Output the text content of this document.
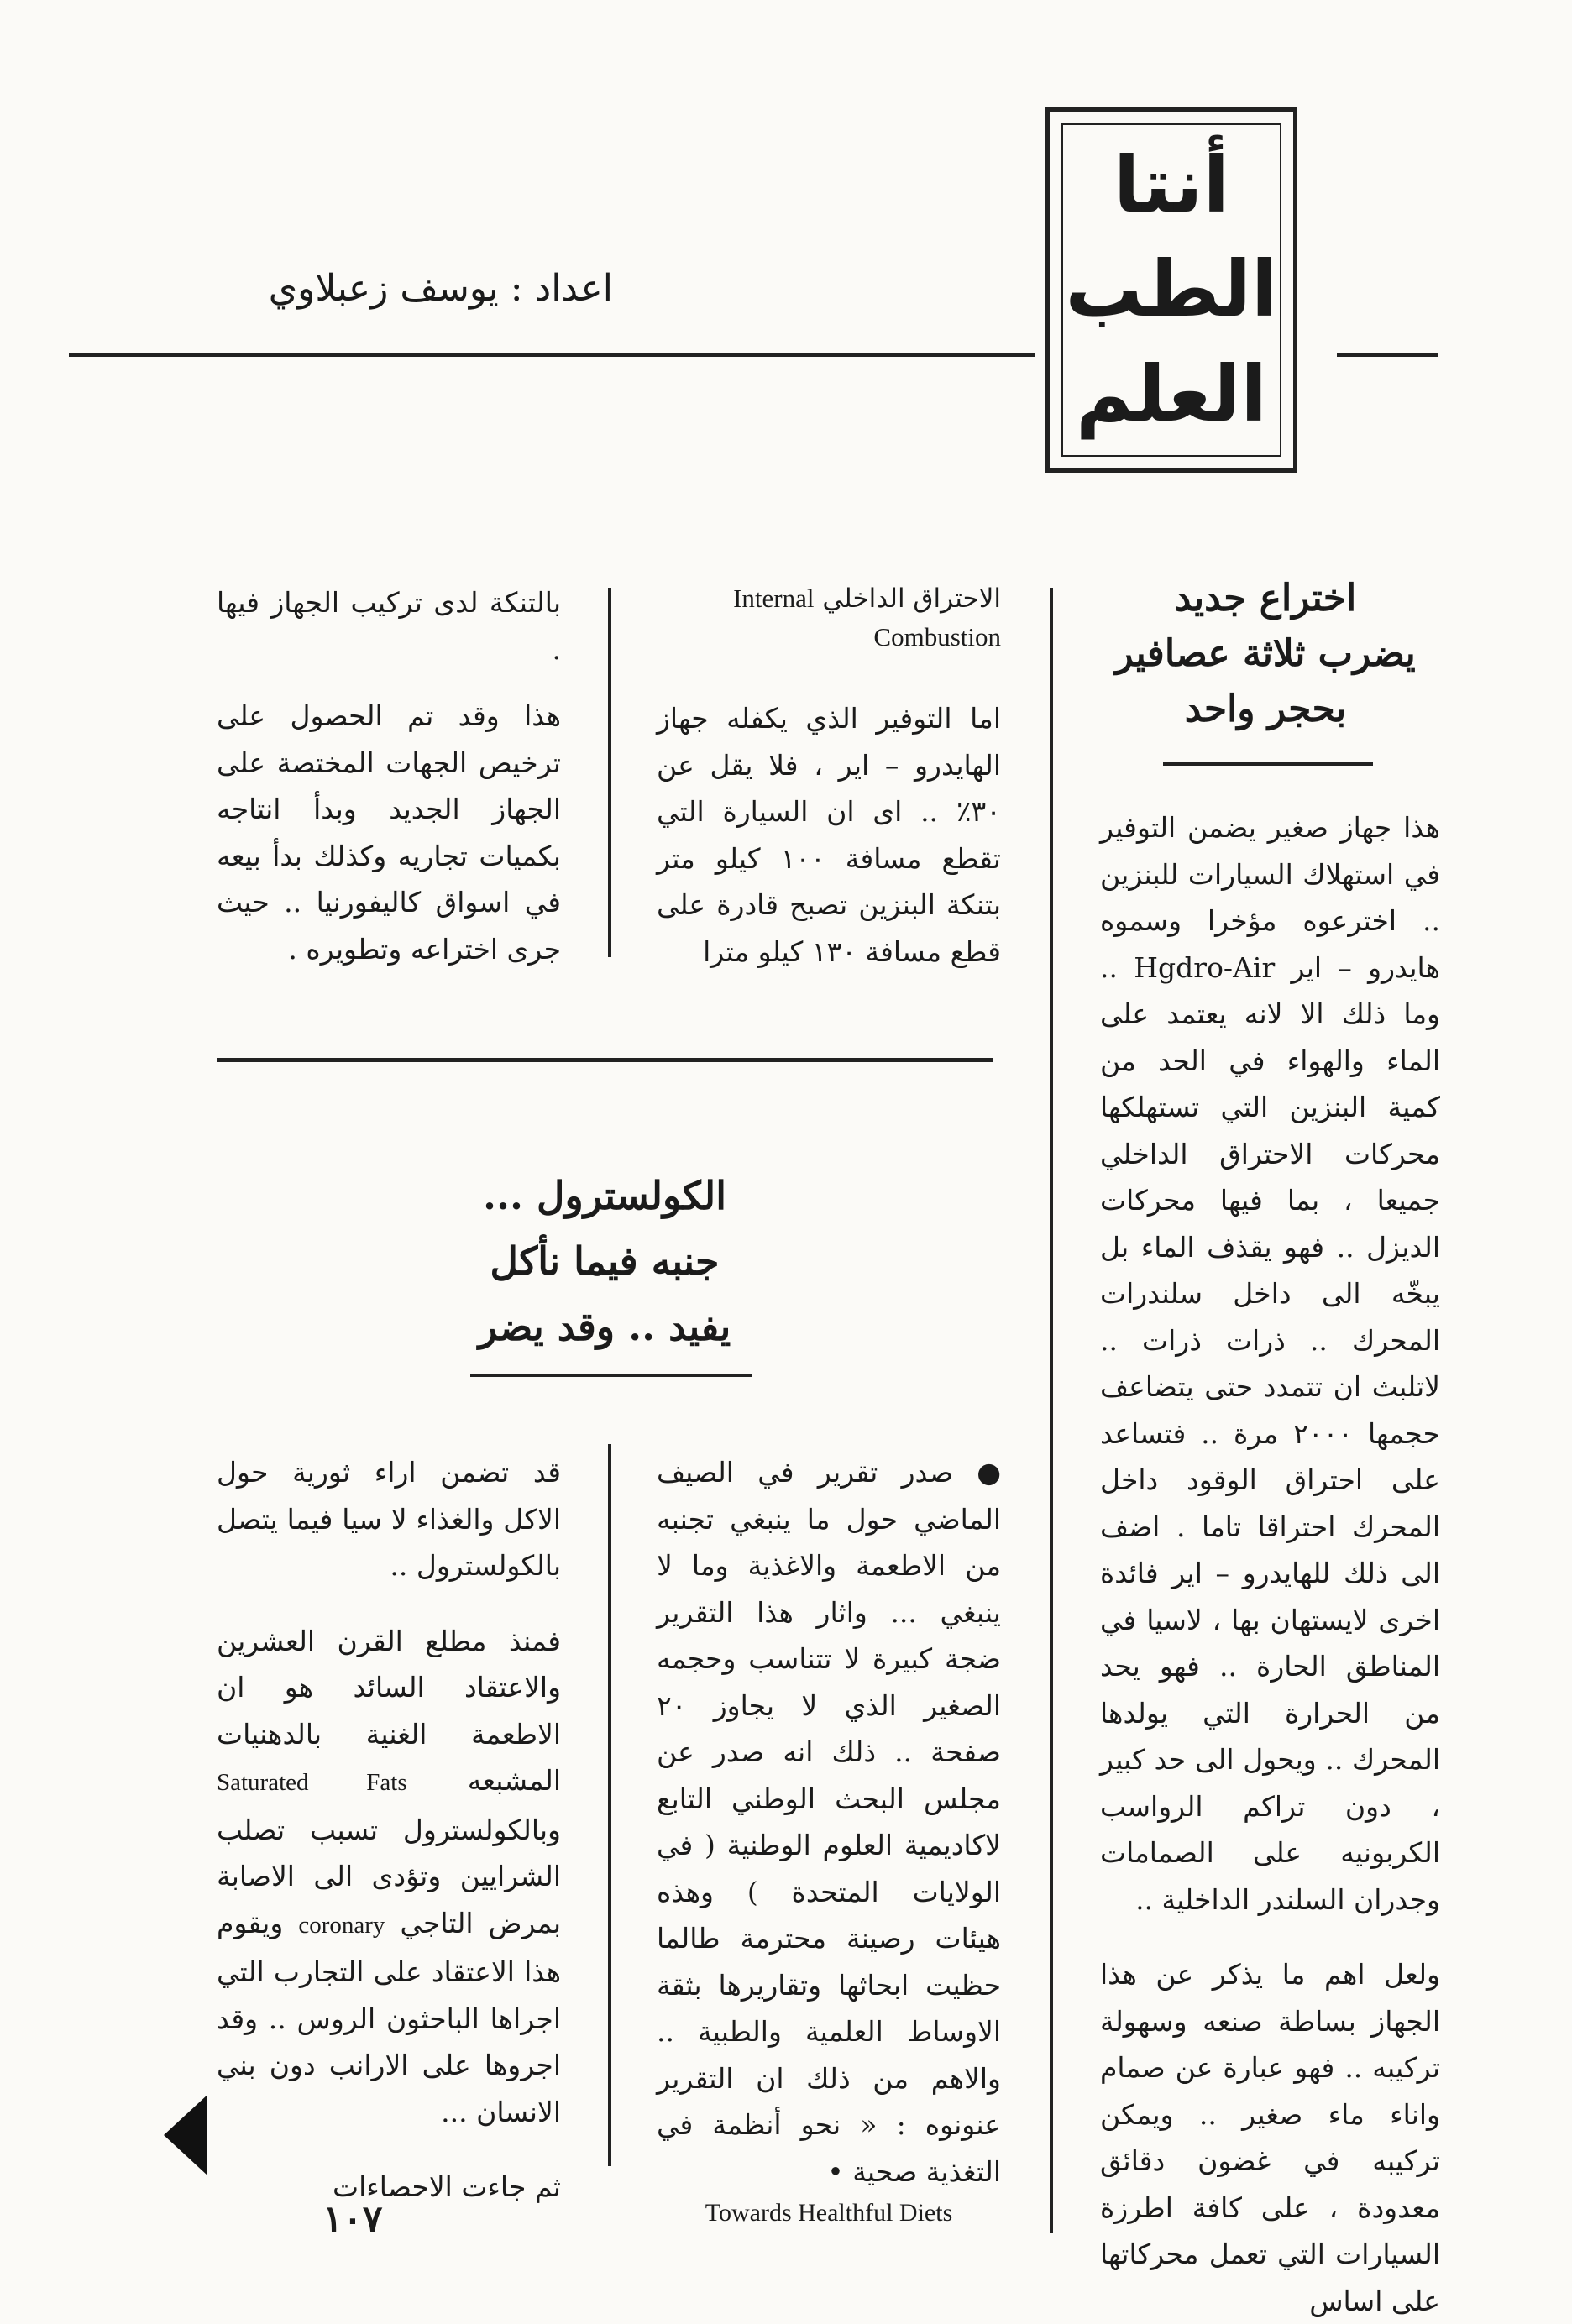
أنتا
الطب
العلم
اعداد : يوسف زعبلاوي
اختراع جديد
يضرب ثلاثة عصافير
بحجر واحد

هذا جهاز صغير يضمن التوفير في استهلاك السيارات للبنزين .. اخترعوه مؤخرا وسموه هايدرو – اير Hgdro-Air .. وما ذلك الا لانه يعتمد على الماء والهواء في الحد من كمية البنزين التي تستهلكها محركات الاحتراق الداخلي جميعا ، بما فيها محركات الديزل .. فهو يقذف الماء بل يبخّه الى داخل سلندرات المحرك .. ذرات ذرات .. لاتلبث ان تتمدد حتى يتضاعف حجمها ٢٠٠٠ مرة .. فتساعد على احتراق الوقود داخل المحرك احتراقا تاما . اضف الى ذلك للهايدرو – اير فائدة اخرى لايستهان بها ، لاسيا في المناطق الحارة .. فهو يحد من الحرارة التي يولدها المحرك .. ويحول الى حد كبير ، دون تراكم الرواسب الكربونيه على الصمامات وجدران السلندر الداخلية ..

ولعل اهم ما يذكر عن هذا الجهاز بساطة صنعه وسهولة تركيبه .. فهو عبارة عن صمام واناء ماء صغير .. ويمكن تركيبه في غضون دقائق معدودة ، على كافة اطرزة السيارات التي تعمل محركاتها على اساس

الاحتراق الداخلي Internal Combustion

اما التوفير الذي يكفله جهاز الهايدرو – اير ، فلا يقل عن ٣٠٪ .. اى ان السيارة التي تقطع مسافة ١٠٠ كيلو متر بتنكة البنزين تصبح قادرة على قطع مسافة ١٣٠ كيلو مترا

بالتنكة لدى تركيب الجهاز فيها .

هذا وقد تم الحصول على ترخيص الجهات المختصة على الجهاز الجديد وبدأ انتاجه بكميات تجاريه وكذلك بدأ بيعه في اسواق كاليفورنيا .. حيث جرى اختراعه وتطويره .

الكولسترول ...
جنبه فيما نأكل
يفيد .. وقد يضر

● صدر تقرير في الصيف الماضي حول ما ينبغي تجنبه من الاطعمة والاغذية وما لا ينبغي ... واثار هذا التقرير ضجة كبيرة لا تتناسب وحجمه الصغير الذي لا يجاوز ٢٠ صفحة .. ذلك انه صدر عن مجلس البحث الوطني التابع لاكاديمية العلوم الوطنية ( في الولايات المتحدة ) وهذه هيئات رصينة محترمة طالما حظيت ابحاثها وتقاريرها بثقة الاوساط العلمية والطبية .. والاهم من ذلك ان التقرير عنونوه : « نحو أنظمة في التغذية صحية •

Towards Healthful Diets

قد تضمن اراء ثورية حول الاكل والغذاء لا سيا فيما يتصل بالكولسترول ..

فمنذ مطلع القرن العشرين والاعتقاد السائد هو ان الاطعمة الغنية بالدهنيات المشبعه Saturated Fats وبالكولسترول تسبب تصلب الشرايين وتؤدى الى الاصابة بمرض التاجي coronary ويقوم هذا الاعتقاد على التجارب التي اجراها الباحثون الروس .. وقد اجروها على الارانب دون بني الانسان ...

ثم جاءت الاحصاءات

١٠٧
